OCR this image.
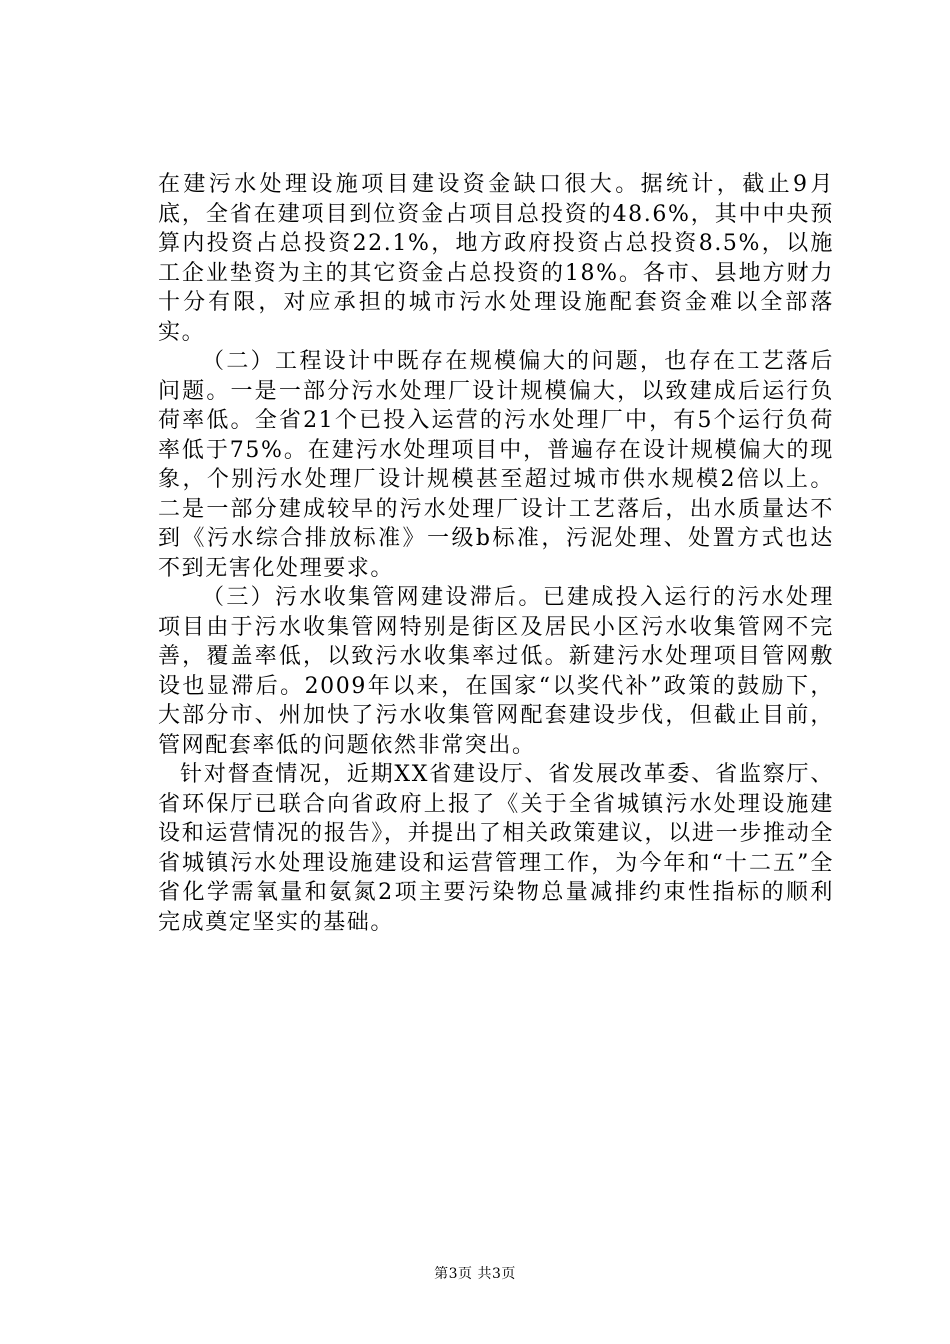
在建污水处理设施项目建设资金缺口很大。据统计，截止9月底，全省在建项目到位资金占项目总投资的48.6%，其中中央预算内投资占总投资22.1%，地方政府投资占总投资8.5%，以施工企业垫资为主的其它资金占总投资的18%。各市、县地方财力十分有限，对应承担的城市污水处理设施配套资金难以全部落实。

（二）工程设计中既存在规模偏大的问题，也存在工艺落后问题。一是一部分污水处理厂设计规模偏大，以致建成后运行负荷率低。全省21个已投入运营的污水处理厂中，有5个运行负荷率低于75%。在建污水处理项目中，普遍存在设计规模偏大的现象，个别污水处理厂设计规模甚至超过城市供水规模2倍以上。二是一部分建成较早的污水处理厂设计工艺落后，出水质量达不到《污水综合排放标准》一级b标准，污泥处理、处置方式也达不到无害化处理要求。

（三）污水收集管网建设滞后。已建成投入运行的污水处理项目由于污水收集管网特别是街区及居民小区污水收集管网不完善，覆盖率低，以致污水收集率过低。新建污水处理项目管网敷设也显滞后。2009年以来，在国家“以奖代补”政策的鼓励下，大部分市、州加快了污水收集管网配套建设步伐，但截止目前，管网配套率低的问题依然非常突出。

针对督查情况，近期XX省建设厅、省发展改革委、省监察厅、省环保厅已联合向省政府上报了《关于全省城镇污水处理设施建设和运营情况的报告》，并提出了相关政策建议，以进一步推动全省城镇污水处理设施建设和运营管理工作，为今年和“十二五”全省化学需氧量和氨氮2项主要污染物总量减排约束性指标的顺利完成奠定坚实的基础。

第3页 共3页
